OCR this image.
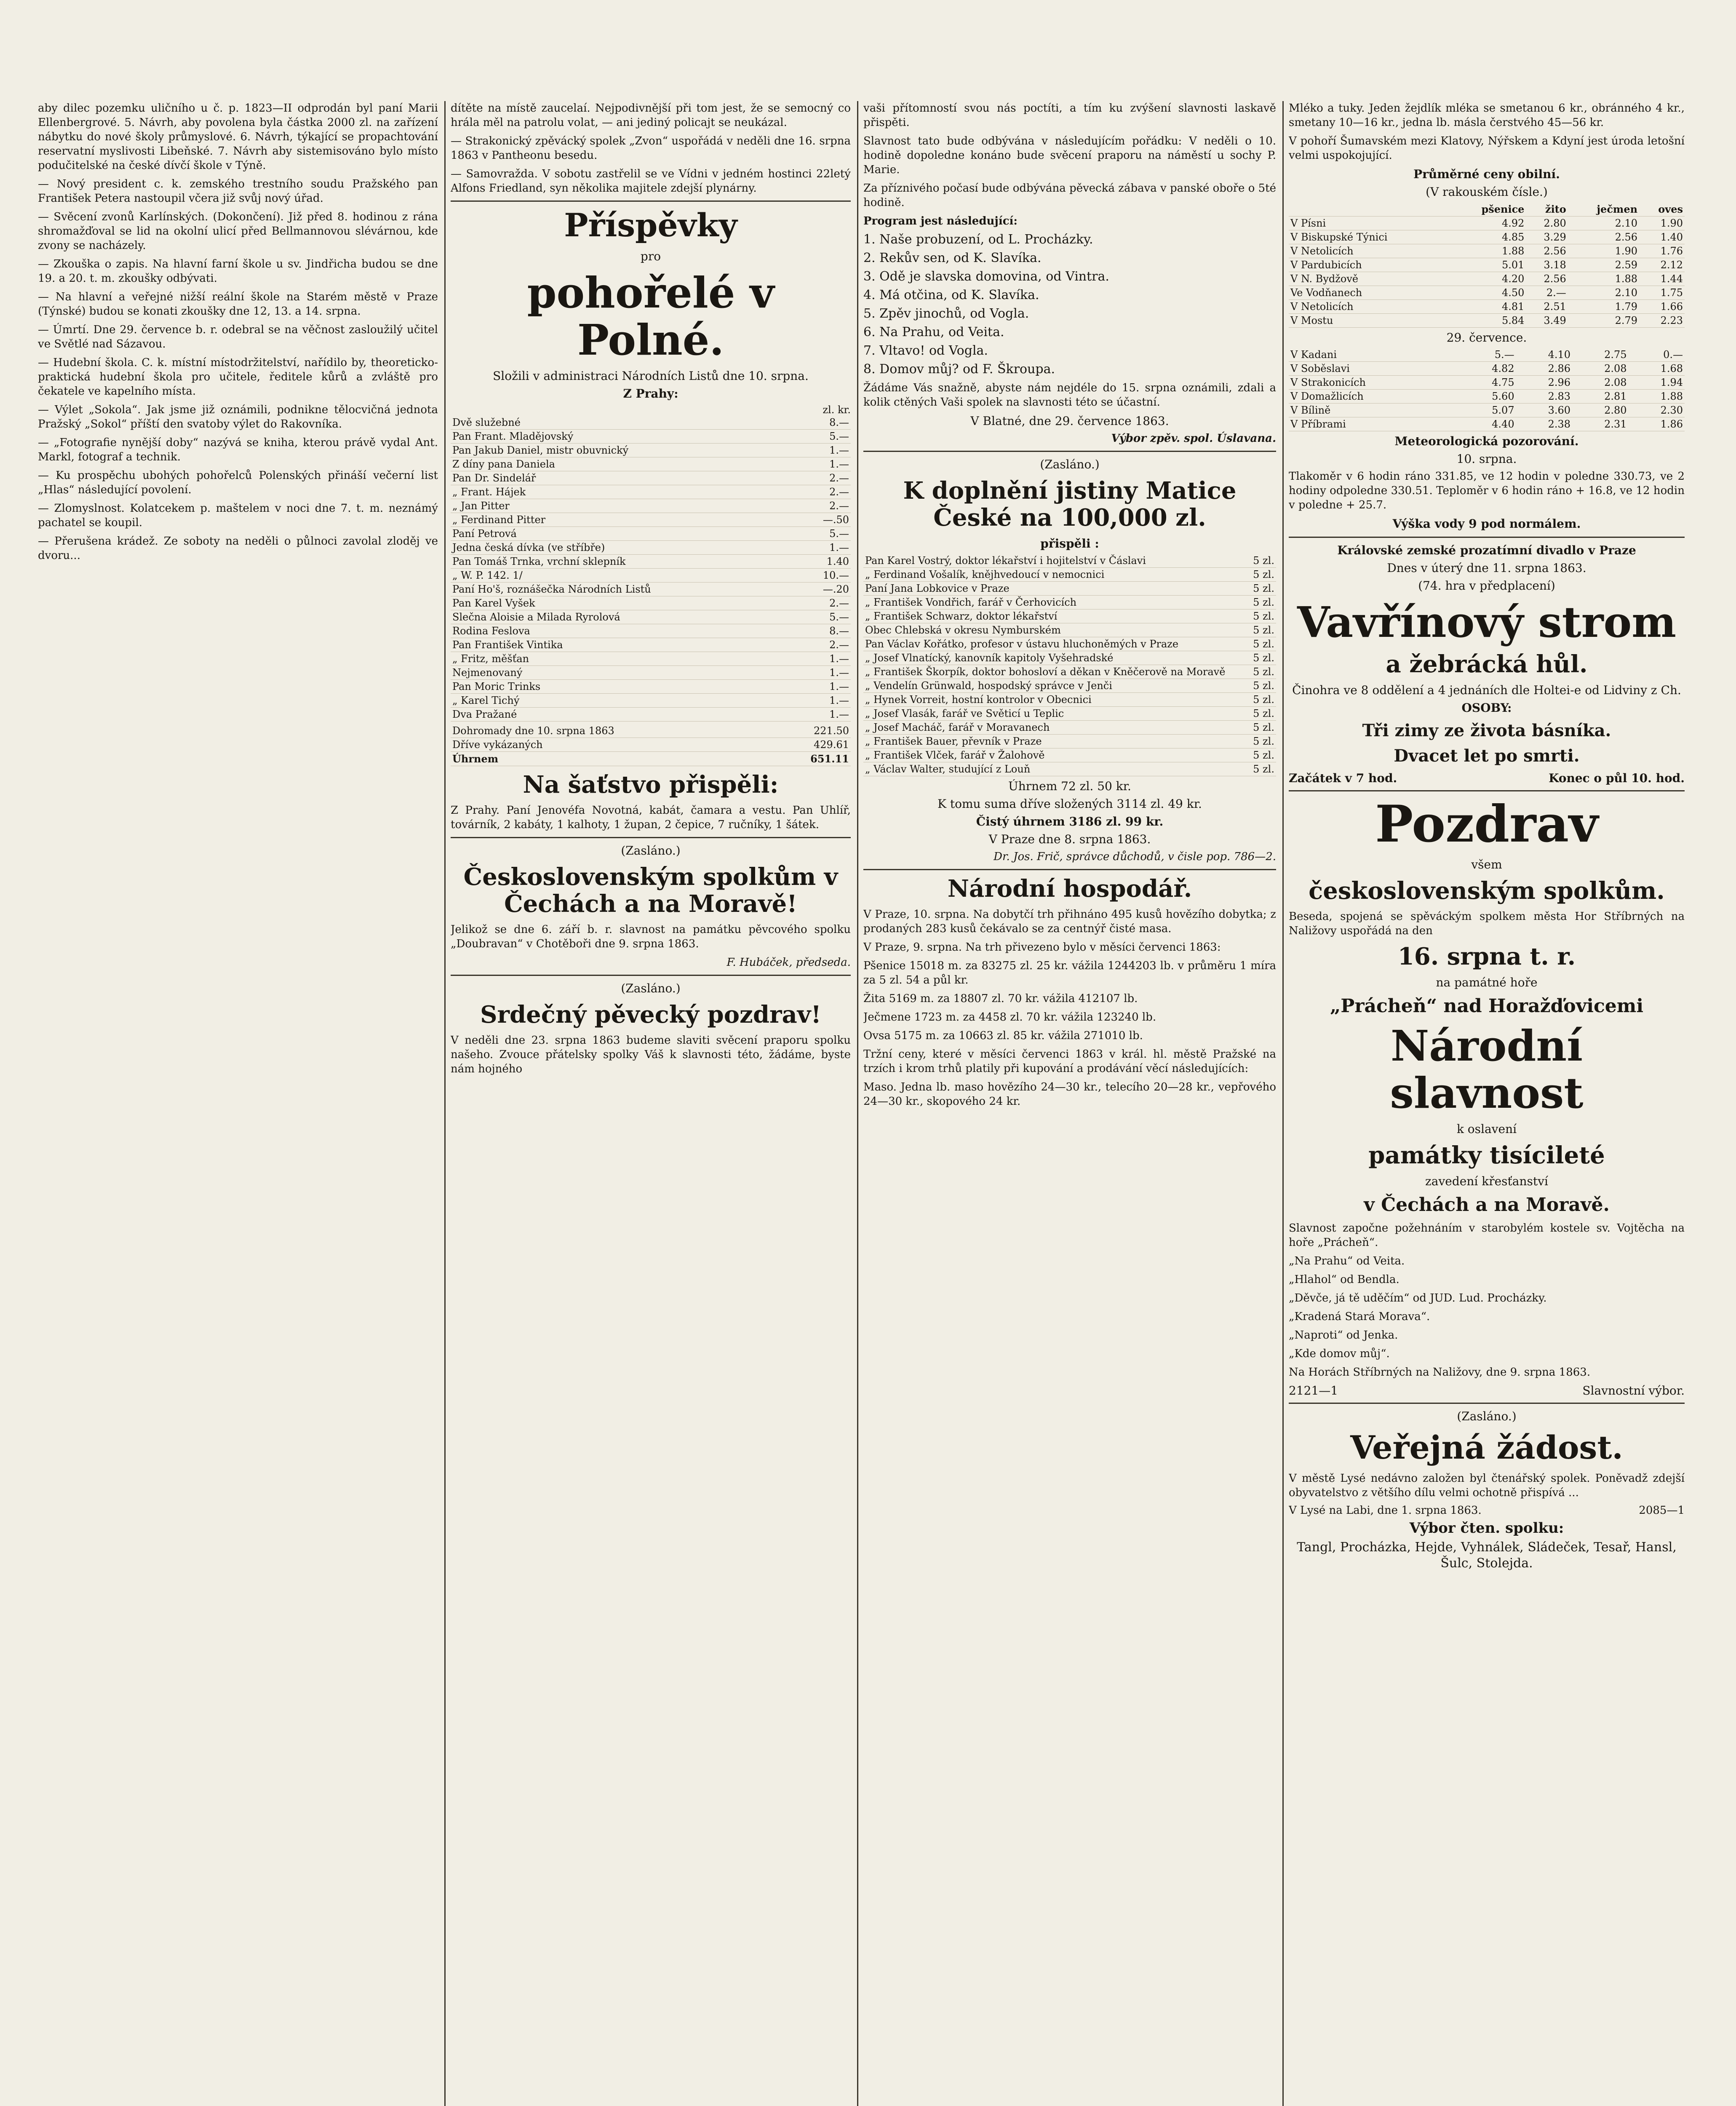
aby dilec pozemku uličního u č. p. 1823—II odprodán byl paní Marii Ellenbergrové. 5. Návrh, aby povolena byla částka 2000 zl. na zařízení nábytku do nové školy průmyslové. 6. Návrh, týkající se propachtování reservatní myslivosti Libeňské. 7. Návrh aby sistemisováno bylo místo podučitelské na české dívčí škole v Týně.

— Nový president c. k. zemského trestního soudu Pražského pan František Petera nastoupil včera již svůj nový úřad.

— Svěcení zvonů Karlínských. (Dokončení). Již před 8. hodinou z rána shromažďoval se lid na okolní ulicí před Bellmannovou slévárnou, kde zvony se nacházely.

— Zkouška o zapis. Na hlavní farní škole u sv. Jindřicha budou se dne 19. a 20. t. m. zkoušky odbývati.

— Na hlavní a veřejné nižší reální škole na Starém městě v Praze (Týnské) budou se konati zkoušky dne 12, 13. a 14. srpna.

— Úmrtí. Dne 29. července b. r. odebral se na věčnost zasloužilý učitel ve Světlé nad Sázavou.

— Hudební škola. C. k. místní místodržitelství, nařídilo by, theoreticko-praktická hudební škola pro učitele, ředitele kůrů a zvláště pro čekatele ve kapelního místa.

— Výlet „Sokola“. Jak jsme již oznámili, podnikne tělocvičná jednota Pražský „Sokol“ příští den svatoby výlet do Rakovníka.

— „Fotografie nynější doby“ nazývá se kniha, kterou právě vydal Ant. Markl, fotograf a technik.

— Ku prospěchu ubohých pohořelců Polenských přináší večerní list „Hlas“ následující povolení.

— Zlomyslnost. Kolatcekem p. maštelem v noci dne 7. t. m. neznámý pachatel se koupil.

— Přerušena krádež. Ze soboty na neděli o půlnoci zavolal zloděj ve dvoru...

dítěte na místě zaucelaí. Nejpodivnější při tom jest, že se semocný co hrála měl na patrolu volat, — ani jediný policajt se neukázal.

— Strakonický zpěvácký spolek „Zvon“ uspořádá v neděli dne 16. srpna 1863 v Pantheonu besedu.

— Samovražda. V sobotu zastřelil se ve Vídni v jedném hostinci 22letý Alfons Friedland, syn několika majitele zdejší plynárny.

Příspěvky
pro
pohořelé v Polné.
Složili v administraci Národních Listů dne 10. srpna.
Z Prahy:
zl. kr.
Dvě služebné	8.—
Pan Frant. Mladějovský	5.—
Pan Jakub Daniel, mistr obuvnický	1.—
Z díny pana Daniela	1.—
Pan Dr. Sindelář	2.—
„ Frant. Hájek	2.—
„ Jan Pitter	2.—
„ Ferdinand Pitter	—.50
Paní Petrová	5.—
Jedna česká dívka (ve stříbře)	1.—
Pan Tomáš Trnka, vrchní sklepník	1.40
„ W. P. 142. 1/	10.—
Paní Ho'š, roznášečka Národních Listů	—.20
Pan Karel Vyšek	2.—
Slečna Aloisie a Milada Ryrolová	5.—
Rodina Feslova	8.—
Pan František Vintika	2.—
„ Fritz, měšťan	1.—
Nejmenovaný	1.—
Pan Moric Trinks	1.—
„ Karel Tichý	1.—
Dva Pražané	1.—
Dohromady dne 10. srpna 1863	221.50
Dříve vykázaných	429.61
Úhrnem	651.11
Na šaťstvo přispěli:

Z Prahy. Paní Jenovéfa Novotná, kabát, čamara a vestu. Pan Uhlíř, továrník, 2 kabáty, 1 kalhoty, 1 župan, 2 čepice, 7 ručníky, 1 šátek.

(Zasláno.)
Československým spolkům v Čechách a na Moravě!

Jelikož se dne 6. září b. r. slavnost na památku pěvcového spolku „Doubravan“ v Chotěboři dne 9. srpna 1863.

F. Hubáček, předseda.
(Zasláno.)
Srdečný pěvecký pozdrav!

V neděli dne 23. srpna 1863 budeme slaviti svěcení praporu spolku našeho. Zvouce přátelsky spolky Váš k slavnosti této, žádáme, byste nám hojného

vaši přítomností svou nás poctíti, a tím ku zvýšení slavnosti laskavě přispěti.

Slavnost tato bude odbývána v následujícím pořádku: V neděli o 10. hodině dopoledne konáno bude svěcení praporu na náměstí u sochy P. Marie.

Za příznivého počasí bude odbývána pěvecká zábava v panské oboře o 5té hodině.

Program jest následující:

1. Naše probuzení, od L. Procházky.
2. Rekův sen, od K. Slavíka.
3. Odě je slavska domovina, od Vintra.
4. Má otčina, od K. Slavíka.
5. Zpěv jinochů, od Vogla.
6. Na Prahu, od Veita.
7. Vltavo! od Vogla.
8. Domov můj? od F. Škroupa.

Žádáme Vás snažně, abyste nám nejdéle do 15. srpna oznámili, zdali a kolik ctěných Vaši spolek na slavnosti této se účastní.

V Blatné, dne 29. července 1863.
Výbor zpěv. spol. Úslavana.
(Zasláno.)
K doplnění jistiny Matice České na 100,000 zl.
přispěli :
Pan Karel Vostrý, doktor lékařství i hojitelství v Čáslavi	5 zl.
„ Ferdinand Vošalík, knějhvedoucí v nemocnici	5 zl.
Paní Jana Lobkovice v Praze	5 zl.
„ František Vondřich, farář v Čerhovicích	5 zl.
„ František Schwarz, doktor lékařství	5 zl.
Obec Chlebská v okresu Nymburském	5 zl.
Pan Václav Kořátko, profesor v ústavu hluchoněmých v Praze	5 zl.
„ Josef Vlnatícký, kanovník kapitoly Vyšehradské	5 zl.
„ František Škorpík, doktor bohosloví a děkan v Kněčerově na Moravě	5 zl.
„ Vendelín Grünwald, hospodský správce v Jenči	5 zl.
„ Hynek Vorreit, hostní kontrolor v Obecnici	5 zl.
„ Josef Vlasák, farář ve Světicí u Teplic	5 zl.
„ Josef Macháč, farář v Moravanech	5 zl.
„ František Bauer, převník v Praze	5 zl.
„ František Vlček, farář v Žalohově	5 zl.
„ Václav Walter, studující z Louň	5 zl.
Úhrnem 72 zl. 50 kr.
K tomu suma dříve složených 3114 zl. 49 kr.
Čistý úhrnem 3186 zl. 99 kr.
V Praze dne 8. srpna 1863.
Dr. Jos. Frič, správce důchodů, v čisle pop. 786—2.
Národní hospodář.

V Praze, 10. srpna. Na dobytčí trh přihnáno 495 kusů hovězího dobytka; z prodaných 283 kusů čekávalo se za centnýř čisté masa.

V Praze, 9. srpna. Na trh přivezeno bylo v měsíci červenci 1863:

Pšenice 15018 m. za 83275 zl. 25 kr. vážila 1244203 lb. v průměru 1 míra za 5 zl. 54 a půl kr.

Žita 5169 m. za 18807 zl. 70 kr. vážila 412107 lb.

Ječmene 1723 m. za 4458 zl. 70 kr. vážila 123240 lb.

Ovsa 5175 m. za 10663 zl. 85 kr. vážila 271010 lb.

Tržní ceny, které v měsíci červenci 1863 v král. hl. městě Pražské na trzích i krom trhů platily při kupování a prodávání věcí následujících:

Maso. Jedna lb. maso hovězího 24—30 kr., telecího 20—28 kr., vepřového 24—30 kr., skopového 24 kr.

Mléko a tuky. Jeden žejdlík mléka se smetanou 6 kr., obránného 4 kr., smetany 10—16 kr., jedna lb. másla čerstvého 45—56 kr.

V pohoří Šumavském mezi Klatovy, Nýřskem a Kdyní jest úroda letošní velmi uspokojující.

Průměrné ceny obilní.
(V rakouském čísle.)
	pšenice	žito	ječmen	oves
V Písni	4.92	2.80	2.10	1.90
V Biskupské Týnici	4.85	3.29	2.56	1.40
V Netolicích	1.88	2.56	1.90	1.76
V Pardubicích	5.01	3.18	2.59	2.12
V N. Bydžově	4.20	2.56	1.88	1.44
Ve Vodňanech	4.50	2.—	2.10	1.75
V Netolicích	4.81	2.51	1.79	1.66
V Mostu	5.84	3.49	2.79	2.23
29. července.
V Kadani	5.—	4.10	2.75	0.—
V Soběslavi	4.82	2.86	2.08	1.68
V Strakonicích	4.75	2.96	2.08	1.94
V Domažlicích	5.60	2.83	2.81	1.88
V Bílině	5.07	3.60	2.80	2.30
V Příbrami	4.40	2.38	2.31	1.86
Meteorologická pozorování.
10. srpna.

Tlakoměr v 6 hodin ráno 331.85, ve 12 hodin v poledne 330.73, ve 2 hodiny odpoledne 330.51. Teploměr v 6 hodin ráno + 16.8, ve 12 hodin v poledne + 25.7.

Výška vody 9 pod normálem.
Královské zemské prozatímní divadlo v Praze
Dnes v úterý dne 11. srpna 1863.
(74. hra v předplacení)
Vavřínový strom
a žebrácká hůl.
Činohra ve 8 oddělení a 4 jednáních dle Holtei-e od Lidviny z Ch.
OSOBY:
Tři zimy ze života básníka.
Dvacet let po smrti.
Začátek v 7 hod.	Konec o půl 10. hod.
Pozdrav
všem
československým spolkům.

Beseda, spojená se spěváckým spolkem města Hor Stříbrných na Naližovy uspořádá na den

16. srpna t. r.
na památné hoře
„Prácheň“ nad Horažďovicemi
Národní slavnost
k oslavení
památky tisícileté
zavedení křesťanství
v Čechách a na Moravě.

Slavnost započne požehnáním v starobylém kostele sv. Vojtěcha na hoře „Prácheň“.

„Na Prahu“ od Veita.
„Hlahol“ od Bendla.
„Děvče, já tě uděčím“ od JUD. Lud. Procházky.
„Kradená Stará Morava“.
„Naproti“ od Jenka.
„Kde domov můj“.

Na Horách Stříbrných na Naližovy, dne 9. srpna 1863.

2121—1	Slavnostní výbor.
(Zasláno.)
Veřejná žádost.

V městě Lysé nedávno založen byl čtenářský spolek. Poněvadž zdejší obyvatelstvo z většího dílu velmi ochotně přispívá ...

V Lysé na Labi, dne 1. srpna 1863.	2085—1
Výbor čten. spolku:
Tangl, Procházka, Hejde, Vyhnálek, Sládeček, Tesař, Hansl, Šulc, Stolejda.
